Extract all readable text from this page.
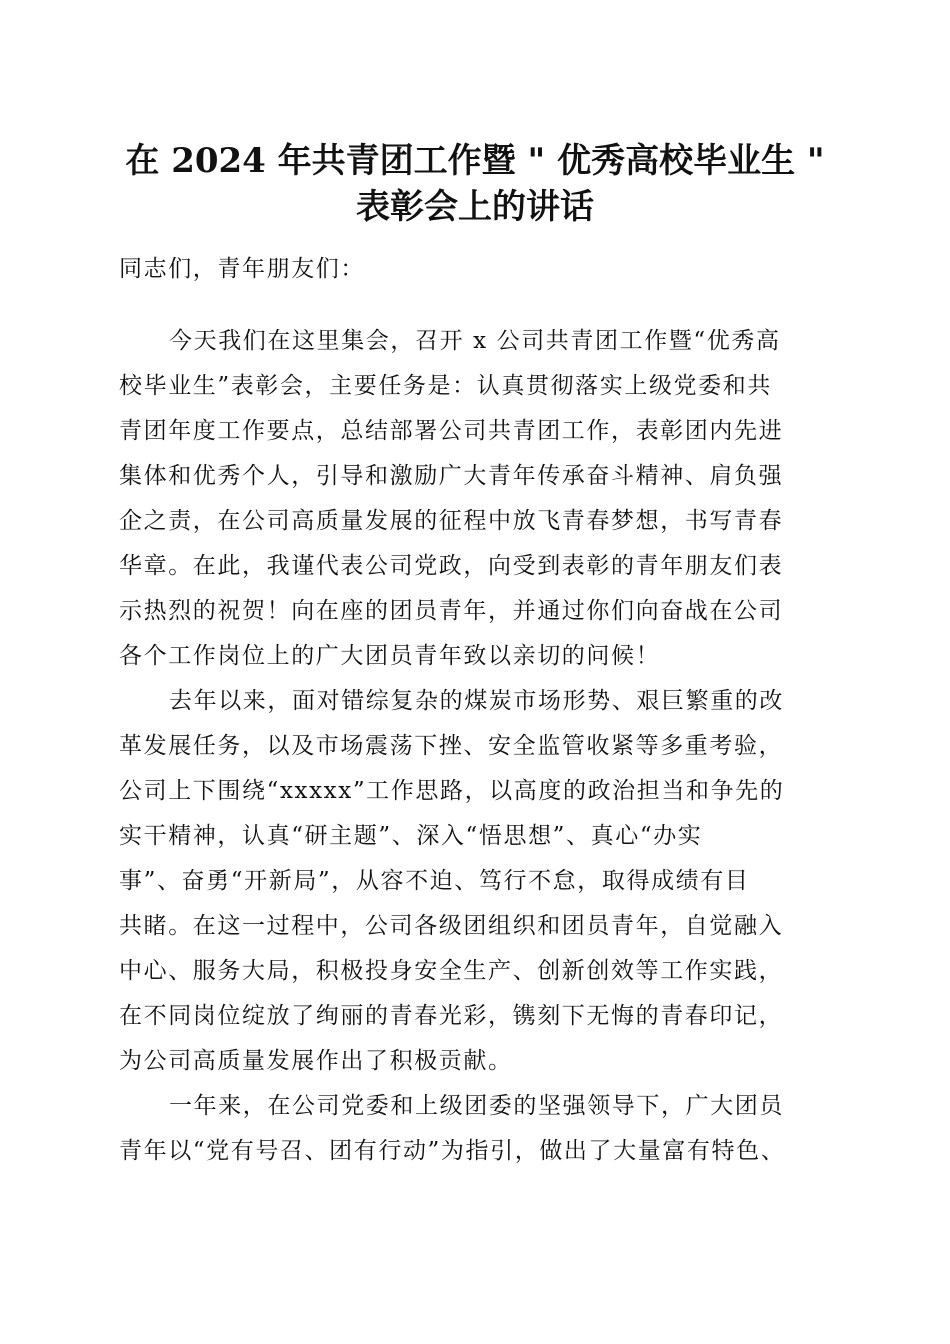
在 2024 年共青团工作暨 " 优秀高校毕业生 "
表彰会上的讲话

同志们，青年朋友们：

今天我们在这里集会，召开 x 公司共青团工作暨“优秀高

校毕业生”表彰会，主要任务是：认真贯彻落实上级党委和共

青团年度工作要点，总结部署公司共青团工作，表彰团内先进

集体和优秀个人，引导和激励广大青年传承奋斗精神、肩负强

企之责，在公司高质量发展的征程中放飞青春梦想，书写青春

华章。在此，我谨代表公司党政，向受到表彰的青年朋友们表

示热烈的祝贺！向在座的团员青年，并通过你们向奋战在公司

各个工作岗位上的广大团员青年致以亲切的问候！

去年以来，面对错综复杂的煤炭市场形势、艰巨繁重的改

革发展任务，以及市场震荡下挫、安全监管收紧等多重考验，

公司上下围绕“xxxxx”工作思路，以高度的政治担当和争先的

实干精神，认真“研主题”、深入“悟思想”、真心“办实

事”、奋勇“开新局”，从容不迫、笃行不怠，取得成绩有目

共睹。在这一过程中，公司各级团组织和团员青年，自觉融入

中心、服务大局，积极投身安全生产、创新创效等工作实践，

在不同岗位绽放了绚丽的青春光彩，镌刻下无悔的青春印记，

为公司高质量发展作出了积极贡献。

一年来，在公司党委和上级团委的坚强领导下，广大团员

青年以“党有号召、团有行动”为指引，做出了大量富有特色、
